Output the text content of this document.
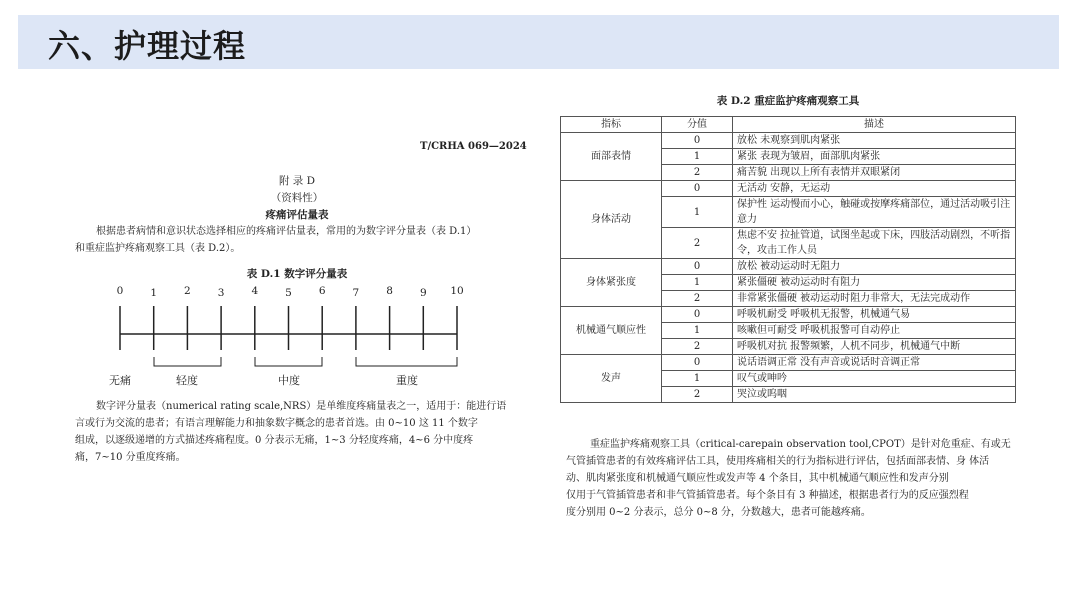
六、护理过程
T/CRHA 069—2024
附 录 D
（资料性）
疼痛评估量表
根据患者病情和意识状态选择相应的疼痛评估量表，常用的为数字评分量表（表 D.1）
和重症监护疼痛观察工具（表 D.2）。
表 D.1 数字评分量表
0	1	2	3	4	5	6	7	8	9 10
无痛	轻度	中度	重度
数字评分量表（numerical rating scale,NRS）是单维度疼痛量表之一，适用于：能进行语
言或行为交流的患者；有语言理解能力和抽象数字概念的患者首选。由 0~10 这 11 个数字
组成，以逐级递增的方式描述疼痛程度。0 分表示无痛，1~3 分轻度疼痛，4~6 分中度疼
痛，7~10 分重度疼痛。
表 D.2 重症监护疼痛观察工具
指标	分值	描述
面部表情	0	放松 未观察到肌肉紧张
	1	紧张 表现为皱眉，面部肌肉紧张
	2	痛苦貌 出现以上所有表情并双眼紧闭
身体活动	0	无活动 安静，无运动
	1	保护性 运动慢而小心，触碰或按摩疼痛部位，通过活动吸引注意力
	2	焦虑不安 拉扯管道，试图坐起或下床，四肢活动剧烈，不听指令，攻击工作人员
身体紧张度	0	放松 被动运动时无阻力
	1	紧张僵硬 被动运动时有阻力
	2	非常紧张僵硬 被动运动时阻力非常大，无法完成动作
机械通气顺应性	0	呼吸机耐受 呼吸机无报警，机械通气易
	1	咳嗽但可耐受 呼吸机报警可自动停止
	2	呼吸机对抗 报警频繁，人机不同步，机械通气中断
发声	0	说话语调正常 没有声音或说话时音调正常
	1	叹气或呻吟
	2	哭泣或呜咽
重症监护疼痛观察工具（critical-carepain observation tool,CPOT）是针对危重症、有或无
气管插管患者的有效疼痛评估工具，使用疼痛相关的行为指标进行评估，包括面部表情、身 体活
动、肌肉紧张度和机械通气顺应性或发声等 4 个条目，其中机械通气顺应性和发声分别
仅用于气管插管患者和非气管插管患者。每个条目有 3 种描述，根据患者行为的反应强烈程
度分别用 0~2 分表示，总分 0~8 分，分数越大，患者可能越疼痛。
